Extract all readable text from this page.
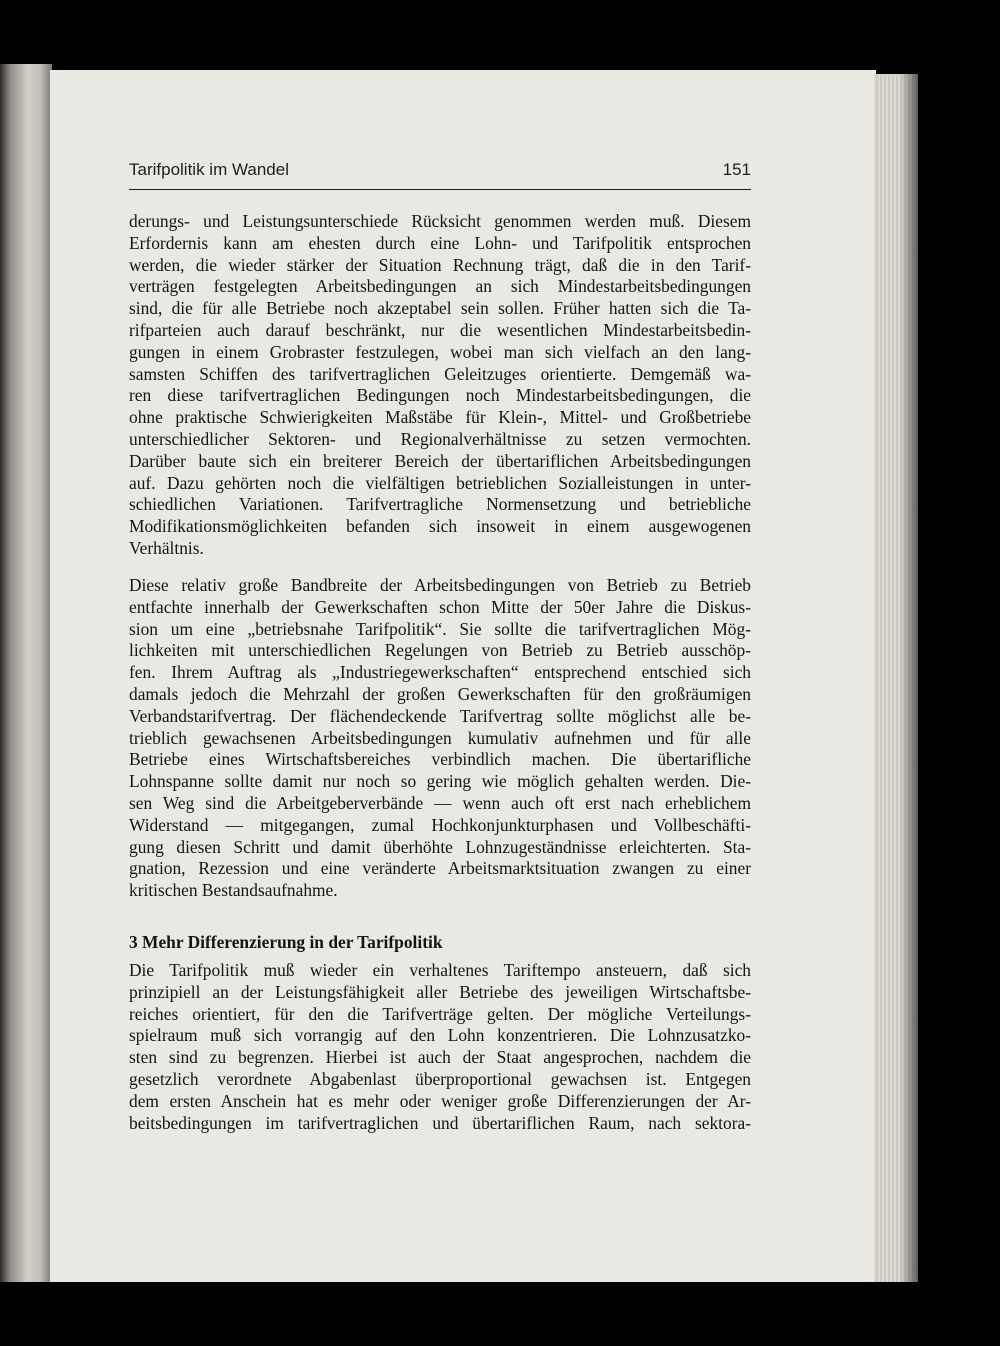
Tarifpolitik im Wandel	151
derungs- und Leistungsunterschiede Rücksicht genommen werden muß. Diesem
Erfordernis kann am ehesten durch eine Lohn- und Tarifpolitik entsprochen
werden, die wieder stärker der Situation Rechnung trägt, daß die in den Tarif-
verträgen festgelegten Arbeitsbedingungen an sich Mindestarbeitsbedingungen
sind, die für alle Betriebe noch akzeptabel sein sollen. Früher hatten sich die Ta-
rifparteien auch darauf beschränkt, nur die wesentlichen Mindestarbeitsbedin-
gungen in einem Grobraster festzulegen, wobei man sich vielfach an den lang-
samsten Schiffen des tarifvertraglichen Geleitzuges orientierte. Demgemäß wa-
ren diese tarifvertraglichen Bedingungen noch Mindestarbeitsbedingungen, die
ohne praktische Schwierigkeiten Maßstäbe für Klein-, Mittel- und Großbetriebe
unterschiedlicher Sektoren- und Regionalverhältnisse zu setzen vermochten.
Darüber baute sich ein breiterer Bereich der übertariflichen Arbeitsbedingungen
auf. Dazu gehörten noch die vielfältigen betrieblichen Sozialleistungen in unter-
schiedlichen Variationen. Tarifvertragliche Normensetzung und betriebliche
Modifikationsmöglichkeiten befanden sich insoweit in einem ausgewogenen
Verhältnis.
Diese relativ große Bandbreite der Arbeitsbedingungen von Betrieb zu Betrieb
entfachte innerhalb der Gewerkschaften schon Mitte der 50er Jahre die Diskus-
sion um eine „betriebsnahe Tarifpolitik“. Sie sollte die tarifvertraglichen Mög-
lichkeiten mit unterschiedlichen Regelungen von Betrieb zu Betrieb ausschöp-
fen. Ihrem Auftrag als „Industriegewerkschaften“ entsprechend entschied sich
damals jedoch die Mehrzahl der großen Gewerkschaften für den großräumigen
Verbandstarifvertrag. Der flächendeckende Tarifvertrag sollte möglichst alle be-
trieblich gewachsenen Arbeitsbedingungen kumulativ aufnehmen und für alle
Betriebe eines Wirtschaftsbereiches verbindlich machen. Die übertarifliche
Lohnspanne sollte damit nur noch so gering wie möglich gehalten werden. Die-
sen Weg sind die Arbeitgeberverbände — wenn auch oft erst nach erheblichem
Widerstand — mitgegangen, zumal Hochkonjunkturphasen und Vollbeschäfti-
gung diesen Schritt und damit überhöhte Lohnzugeständnisse erleichterten. Sta-
gnation, Rezession und eine veränderte Arbeitsmarktsituation zwangen zu einer
kritischen Bestandsaufnahme.
3 Mehr Differenzierung in der Tarifpolitik
Die Tarifpolitik muß wieder ein verhaltenes Tariftempo ansteuern, daß sich
prinzipiell an der Leistungsfähigkeit aller Betriebe des jeweiligen Wirtschaftsbe-
reiches orientiert, für den die Tarifverträge gelten. Der mögliche Verteilungs-
spielraum muß sich vorrangig auf den Lohn konzentrieren. Die Lohnzusatzko-
sten sind zu begrenzen. Hierbei ist auch der Staat angesprochen, nachdem die
gesetzlich verordnete Abgabenlast überproportional gewachsen ist. Entgegen
dem ersten Anschein hat es mehr oder weniger große Differenzierungen der Ar-
beitsbedingungen im tarifvertraglichen und übertariflichen Raum, nach sektora-
